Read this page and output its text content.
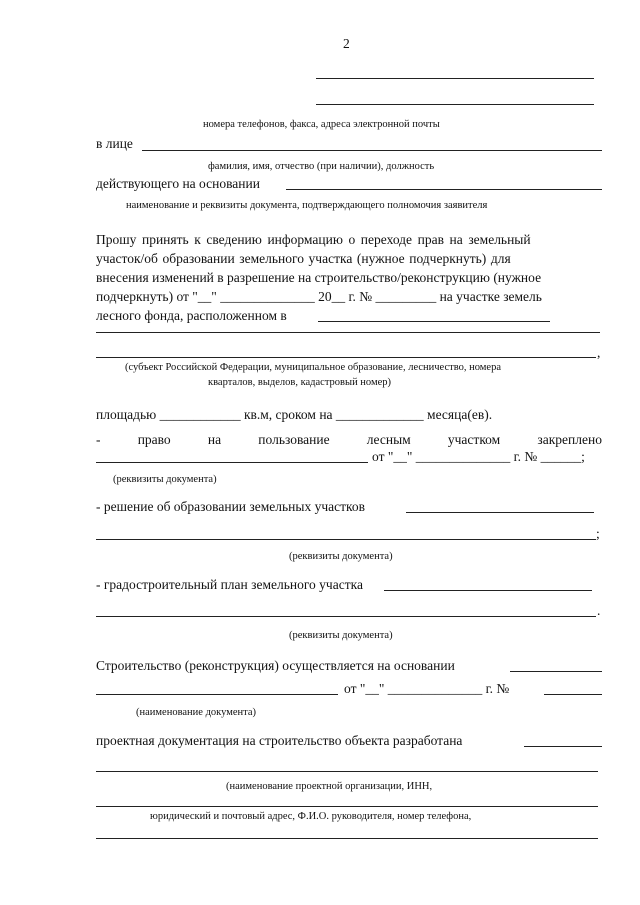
2
номера телефонов, факса, адреса электронной почты
в лице
фамилия, имя, отчество (при наличии), должность
действующего на основании
наименование и реквизиты документа, подтверждающего полномочия заявителя
Прошу принять к сведению информацию о переходе прав на земельный
участок/об образовании земельного участка (нужное подчеркнуть) для
внесения изменений в разрешение на строительство/реконструкцию (нужное
подчеркнуть) от "__" ______________ 20__ г. № _________ на участке земель
лесного фонда, расположенном в
,
(субъект Российской Федерации, муниципальное образование, лесничество, номера
кварталов, выделов, кадастровый номер)
площадью ____________ кв.м, сроком на _____________ месяца(ев).
-	право	на	пользование	лесным	участком	закреплено
от "__" ______________ г. № ______;
(реквизиты документа)
- решение об образовании земельных участков
;
(реквизиты документа)
- градостроительный план земельного участка
.
(реквизиты документа)
Строительство (реконструкция) осуществляется на основании
от "__" ______________ г. №
(наименование документа)
проектная документация на строительство объекта разработана
(наименование проектной организации, ИНН,
юридический и почтовый адрес, Ф.И.О. руководителя, номер телефона,
